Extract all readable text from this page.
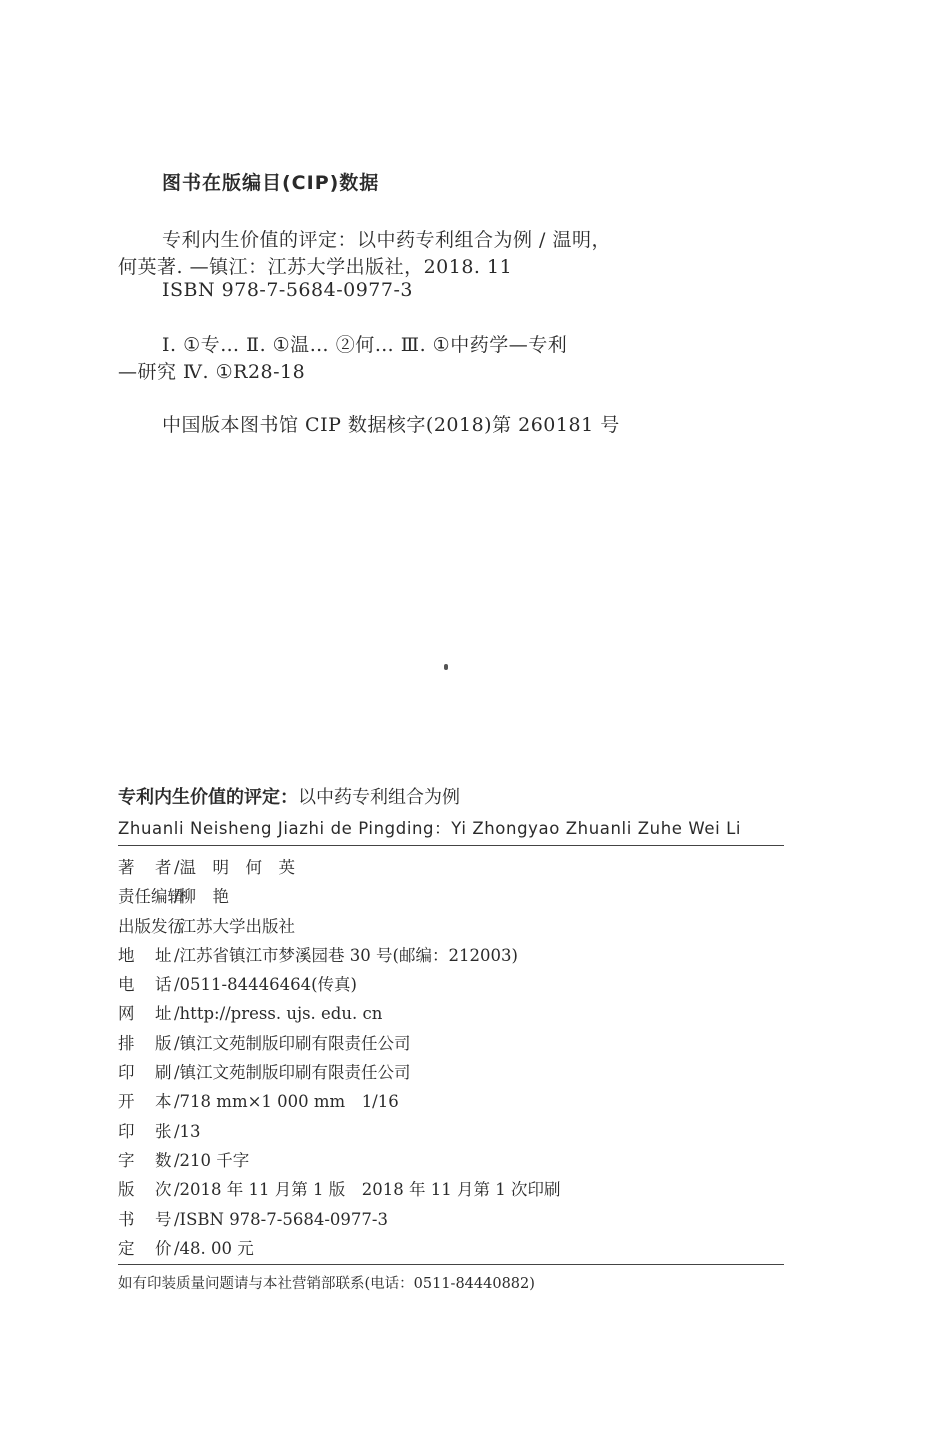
图书在版编目(CIP)数据
专利内生价值的评定：以中药专利组合为例 / 温明，
何英著. —镇江：江苏大学出版社，2018. 11
ISBN 978-7-5684-0977-3
Ⅰ. ①专… Ⅱ. ①温… ②何… Ⅲ. ①中药学—专利
—研究 Ⅳ. ①R28-18
中国版本图书馆 CIP 数据核字(2018)第 260181 号
专利内生价值的评定：以中药专利组合为例
Zhuanli Neisheng Jiazhi de Pingding：Yi Zhongyao Zhuanli Zuhe Wei Li
著　者 /温　明　何　英
责任编辑
/柳　艳
出版发行
/江苏大学出版社
地　址 /江苏省镇江市梦溪园巷 30 号(邮编：212003)
电　话 /0511-84446464(传真)
网　址 /http://press. ujs. edu. cn
排　版 /镇江文苑制版印刷有限责任公司
印　刷 /镇江文苑制版印刷有限责任公司
开　本 /718 mm×1 000 mm　1/16
印　张 /13
字　数 /210 千字
版　次 /2018 年 11 月第 1 版　2018 年 11 月第 1 次印刷
书　号 /ISBN 978-7-5684-0977-3
定　价 /48. 00 元
如有印装质量问题请与本社营销部联系(电话：0511-84440882)
